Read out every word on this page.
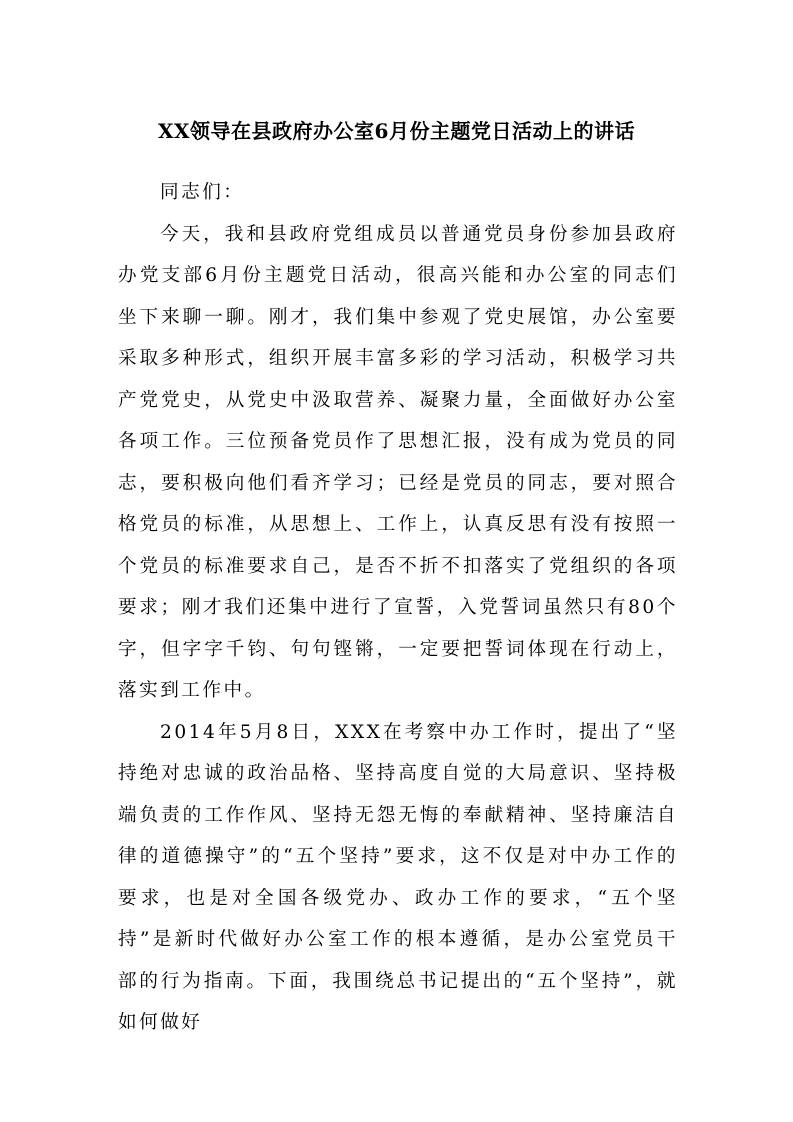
XX领导在县政府办公室6月份主题党日活动上的讲话

同志们：

今天，我和县政府党组成员以普通党员身份参加县政府办党支部6月份主题党日活动，很高兴能和办公室的同志们坐下来聊一聊。刚才，我们集中参观了党史展馆，办公室要采取多种形式，组织开展丰富多彩的学习活动，积极学习共产党党史，从党史中汲取营养、凝聚力量，全面做好办公室各项工作。三位预备党员作了思想汇报，没有成为党员的同志，要积极向他们看齐学习；已经是党员的同志，要对照合格党员的标准，从思想上、工作上，认真反思有没有按照一个党员的标准要求自己，是否不折不扣落实了党组织的各项要求；刚才我们还集中进行了宣誓，入党誓词虽然只有80个字，但字字千钧、句句铿锵，一定要把誓词体现在行动上，落实到工作中。

2014年5月8日，XXX在考察中办工作时，提出了“坚持绝对忠诚的政治品格、坚持高度自觉的大局意识、坚持极端负责的工作作风、坚持无怨无悔的奉献精神、坚持廉洁自律的道德操守”的“五个坚持”要求，这不仅是对中办工作的要求，也是对全国各级党办、政办工作的要求，“五个坚持”是新时代做好办公室工作的根本遵循，是办公室党员干部的行为指南。下面，我围绕总书记提出的“五个坚持”，就如何做好
